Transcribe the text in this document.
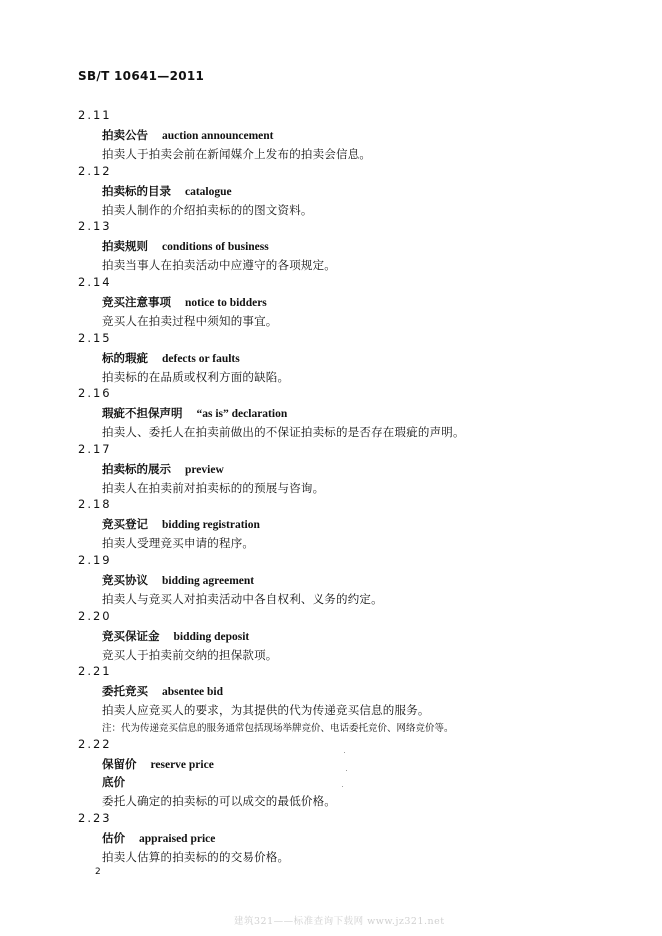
SB/T 10641—2011
2.11
拍卖公告 auction announcement
拍卖人于拍卖会前在新闻媒介上发布的拍卖会信息。
2.12
拍卖标的目录 catalogue
拍卖人制作的介绍拍卖标的的图文资料。
2.13
拍卖规则 conditions of business
拍卖当事人在拍卖活动中应遵守的各项规定。
2.14
竞买注意事项 notice to bidders
竞买人在拍卖过程中须知的事宜。
2.15
标的瑕疵 defects or faults
拍卖标的在品质或权利方面的缺陷。
2.16
瑕疵不担保声明 “as is” declaration
拍卖人、委托人在拍卖前做出的不保证拍卖标的是否存在瑕疵的声明。
2.17
拍卖标的展示 preview
拍卖人在拍卖前对拍卖标的的预展与咨询。
2.18
竞买登记 bidding registration
拍卖人受理竞买申请的程序。
2.19
竞买协议 bidding agreement
拍卖人与竞买人对拍卖活动中各自权利、义务的约定。
2.20
竞买保证金 bidding deposit
竞买人于拍卖前交纳的担保款项。
2.21
委托竞买 absentee bid
拍卖人应竞买人的要求，为其提供的代为传递竞买信息的服务。
注：代为传递竞买信息的服务通常包括现场举牌竞价、电话委托竞价、网络竞价等。
2.22
保留价 reserve price
底价
委托人确定的拍卖标的可以成交的最低价格。
2.23
估价 appraised price
拍卖人估算的拍卖标的的交易价格。
2
建筑321——标准查询下载网 www.jz321.net
